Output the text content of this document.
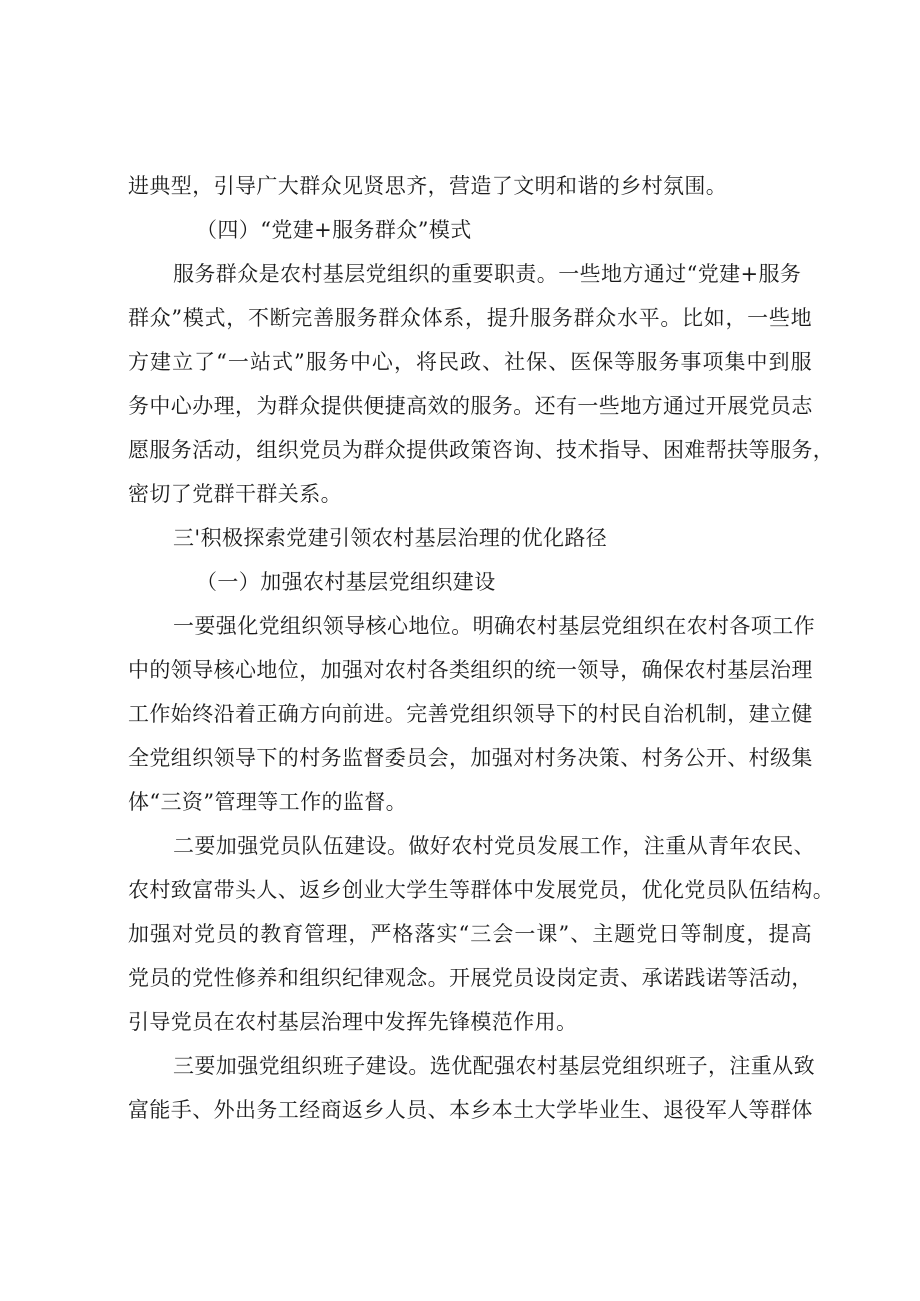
进典型，引导广大群众见贤思齐，营造了文明和谐的乡村氛围。
（四）“党建+服务群众”模式
服务群众是农村基层党组织的重要职责。一些地方通过“党建+服务
群众”模式，不断完善服务群众体系，提升服务群众水平。比如，一些地
方建立了“一站式”服务中心，将民政、社保、医保等服务事项集中到服
务中心办理，为群众提供便捷高效的服务。还有一些地方通过开展党员志
愿服务活动，组织党员为群众提供政策咨询、技术指导、困难帮扶等服务，
密切了党群干群关系。
三'积极探索党建引领农村基层治理的优化路径
（一）加强农村基层党组织建设
一要强化党组织领导核心地位。明确农村基层党组织在农村各项工作
中的领导核心地位，加强对农村各类组织的统一领导，确保农村基层治理
工作始终沿着正确方向前进。完善党组织领导下的村民自治机制，建立健
全党组织领导下的村务监督委员会，加强对村务决策、村务公开、村级集
体“三资”管理等工作的监督。
二要加强党员队伍建设。做好农村党员发展工作，注重从青年农民、
农村致富带头人、返乡创业大学生等群体中发展党员，优化党员队伍结构。
加强对党员的教育管理，严格落实“三会一课”、主题党日等制度，提高
党员的党性修养和组织纪律观念。开展党员设岗定责、承诺践诺等活动，
引导党员在农村基层治理中发挥先锋模范作用。
三要加强党组织班子建设。选优配强农村基层党组织班子，注重从致
富能手、外出务工经商返乡人员、本乡本土大学毕业生、退役军人等群体
